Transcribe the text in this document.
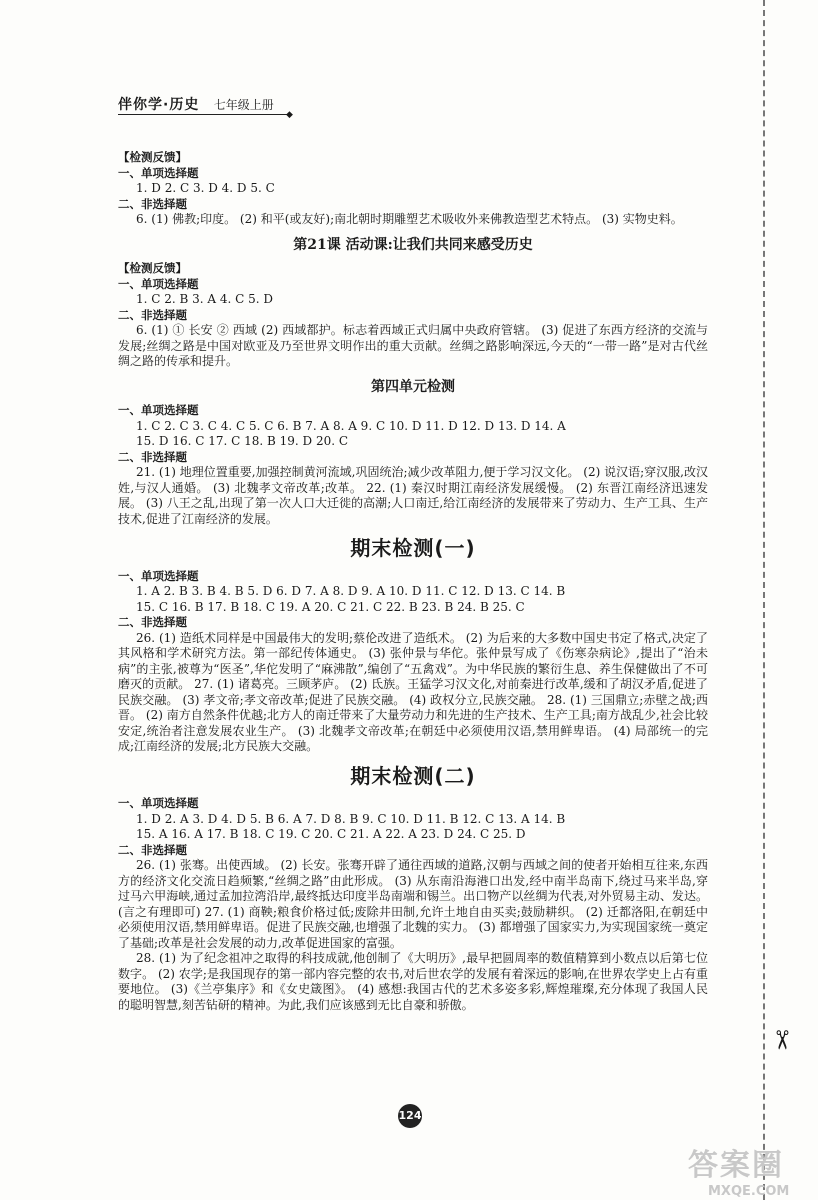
伴你学·历史 七年级上册
◆
✂
【检测反馈】
一、单项选择题
1. D 2. C 3. D 4. D 5. C
二、非选择题
6. (1) 佛教;印度。 (2) 和平(或友好);南北朝时期雕塑艺术吸收外来佛教造型艺术特点。 (3) 实物史料。
第21课 活动课:让我们共同来感受历史
【检测反馈】
一、单项选择题
1. C 2. B 3. A 4. C 5. D
二、非选择题
6. (1) ① 长安 ② 西域 (2) 西域都护。标志着西域正式归属中央政府管辖。 (3) 促进了东西方经济的交流与发展;丝绸之路是中国对欧亚及乃至世界文明作出的重大贡献。丝绸之路影响深远,今天的“一带一路”是对古代丝绸之路的传承和提升。
第四单元检测
一、单项选择题
1. C 2. C 3. C 4. C 5. C 6. B 7. A 8. A 9. C 10. D 11. D 12. D 13. D 14. A
15. D 16. C 17. C 18. B 19. D 20. C
二、非选择题
21. (1) 地理位置重要,加强控制黄河流域,巩固统治;减少改革阻力,便于学习汉文化。 (2) 说汉语;穿汉服,改汉姓,与汉人通婚。 (3) 北魏孝文帝改革;改革。 22. (1) 秦汉时期江南经济发展缓慢。 (2) 东晋江南经济迅速发展。 (3) 八王之乱,出现了第一次人口大迁徙的高潮;人口南迁,给江南经济的发展带来了劳动力、生产工具、生产技术,促进了江南经济的发展。
期末检测(一)
一、单项选择题
1. A 2. B 3. B 4. B 5. D 6. D 7. A 8. D 9. A 10. D 11. C 12. D 13. C 14. B
15. C 16. B 17. B 18. C 19. A 20. C 21. C 22. B 23. B 24. B 25. C
二、非选择题
26. (1) 造纸术同样是中国最伟大的发明;蔡伦改进了造纸术。 (2) 为后来的大多数中国史书定了格式,决定了其风格和学术研究方法。第一部纪传体通史。 (3) 张仲景与华佗。张仲景写成了《伤寒杂病论》,提出了“治未病”的主张,被尊为“医圣”,华佗发明了“麻沸散”,编创了“五禽戏”。为中华民族的繁衍生息、养生保健做出了不可磨灭的贡献。 27. (1) 诸葛亮。三顾茅庐。 (2) 氐族。王猛学习汉文化,对前秦进行改革,缓和了胡汉矛盾,促进了民族交融。 (3) 孝文帝;孝文帝改革;促进了民族交融。 (4) 政权分立,民族交融。 28. (1) 三国鼎立;赤壁之战;西晋。 (2) 南方自然条件优越;北方人的南迁带来了大量劳动力和先进的生产技术、生产工具;南方战乱少,社会比较安定,统治者注意发展农业生产。 (3) 北魏孝文帝改革;在朝廷中必须使用汉语,禁用鲜卑语。 (4) 局部统一的完成;江南经济的发展;北方民族大交融。
期末检测(二)
一、单项选择题
1. D 2. A 3. D 4. D 5. B 6. A 7. D 8. B 9. C 10. D 11. B 12. C 13. A 14. B
15. A 16. A 17. B 18. C 19. C 20. C 21. A 22. A 23. D 24. C 25. D
二、非选择题
26. (1) 张骞。出使西域。 (2) 长安。张骞开辟了通往西域的道路,汉朝与西域之间的使者开始相互往来,东西方的经济文化交流日趋频繁,“丝绸之路”由此形成。 (3) 从东南沿海港口出发,经中南半岛南下,绕过马来半岛,穿过马六甲海峡,通过孟加拉湾沿岸,最终抵达印度半岛南端和锡兰。出口物产以丝绸为代表,对外贸易主动、发达。(言之有理即可) 27. (1) 商鞅;粮食价格过低;废除井田制,允许土地自由买卖;鼓励耕织。 (2) 迁都洛阳,在朝廷中必须使用汉语,禁用鲜卑语。促进了民族交融,也增强了北魏的实力。 (3) 都增强了国家实力,为实现国家统一奠定了基础;改革是社会发展的动力,改革促进国家的富强。
28. (1) 为了纪念祖冲之取得的科技成就,他创制了《大明历》,最早把圆周率的数值精算到小数点以后第七位数字。 (2) 农学;是我国现存的第一部内容完整的农书,对后世农学的发展有着深远的影响,在世界农学史上占有重要地位。 (3)《兰亭集序》和《女史箴图》。 (4) 感想:我国古代的艺术多姿多彩,辉煌璀璨,充分体现了我国人民的聪明智慧,刻苦钻研的精神。为此,我们应该感到无比自豪和骄傲。
124
答案圈
MXQE.COM
